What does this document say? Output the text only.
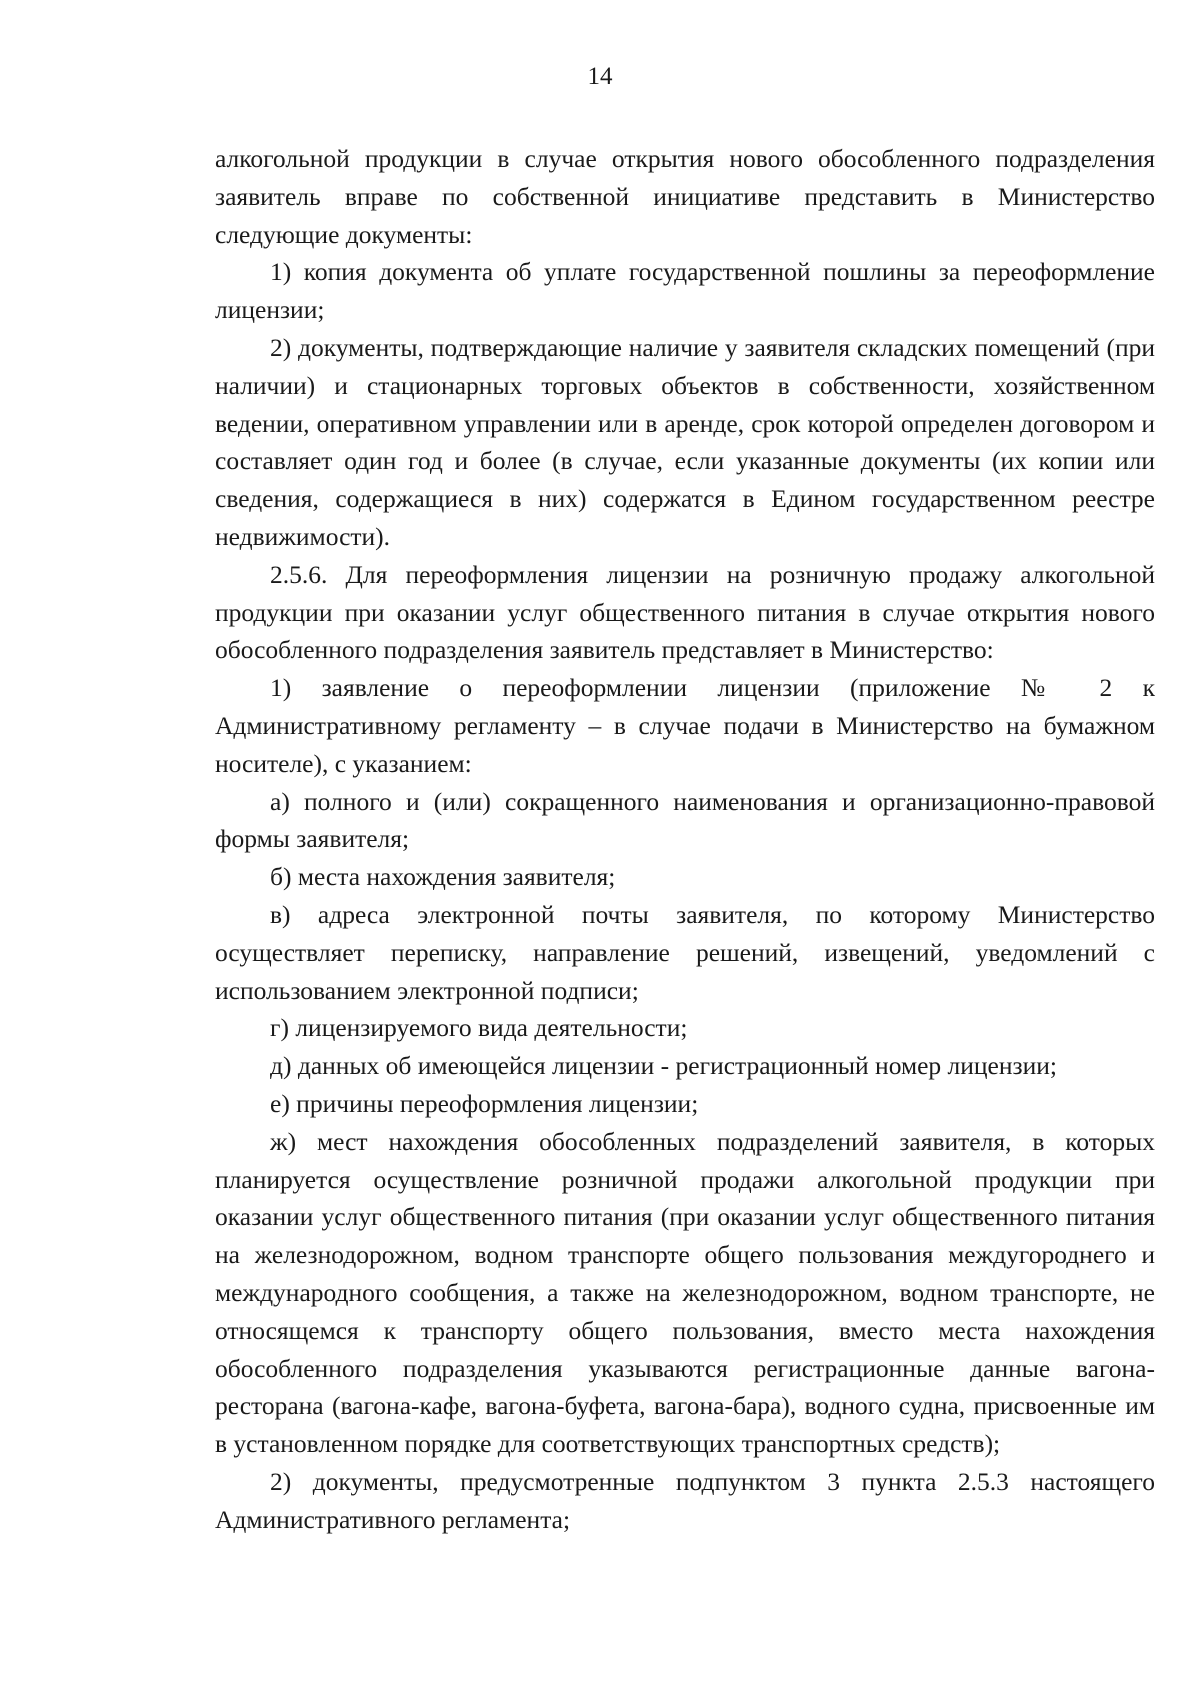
14

алкогольной продукции в случае открытия нового обособленного подразделения заявитель вправе по собственной инициативе представить в Министерство следующие документы:

1) копия документа об уплате государственной пошлины за переоформление лицензии;

2) документы, подтверждающие наличие у заявителя складских помещений (при наличии) и стационарных торговых объектов в собственности, хозяйственном ведении, оперативном управлении или в аренде, срок которой определен договором и составляет один год и более (в случае, если указанные документы (их копии или сведения, содержащиеся в них) содержатся в Едином государственном реестре недвижимости).

2.5.6. Для переоформления лицензии на розничную продажу алкогольной продукции при оказании услуг общественного питания в случае открытия нового обособленного подразделения заявитель представляет в Министерство:

1) заявление о переоформлении лицензии (приложение № 2 к Административному регламенту – в случае подачи в Министерство на бумажном носителе), с указанием:

а) полного и (или) сокращенного наименования и организационно-правовой формы заявителя;

б) места нахождения заявителя;

в) адреса электронной почты заявителя, по которому Министерство осуществляет переписку, направление решений, извещений, уведомлений с использованием электронной подписи;

г) лицензируемого вида деятельности;

д) данных об имеющейся лицензии - регистрационный номер лицензии;

е) причины переоформления лицензии;

ж) мест нахождения обособленных подразделений заявителя, в которых планируется осуществление розничной продажи алкогольной продукции при оказании услуг общественного питания (при оказании услуг общественного питания на железнодорожном, водном транспорте общего пользования междугороднего и международного сообщения, а также на железнодорожном, водном транспорте, не относящемся к транспорту общего пользования, вместо места нахождения обособленного подразделения указываются регистрационные данные вагона-ресторана (вагона-кафе, вагона-буфета, вагона-бара), водного судна, присвоенные им в установленном порядке для соответствующих транспортных средств);

2) документы, предусмотренные подпунктом 3 пункта 2.5.3 настоящего Административного регламента;
